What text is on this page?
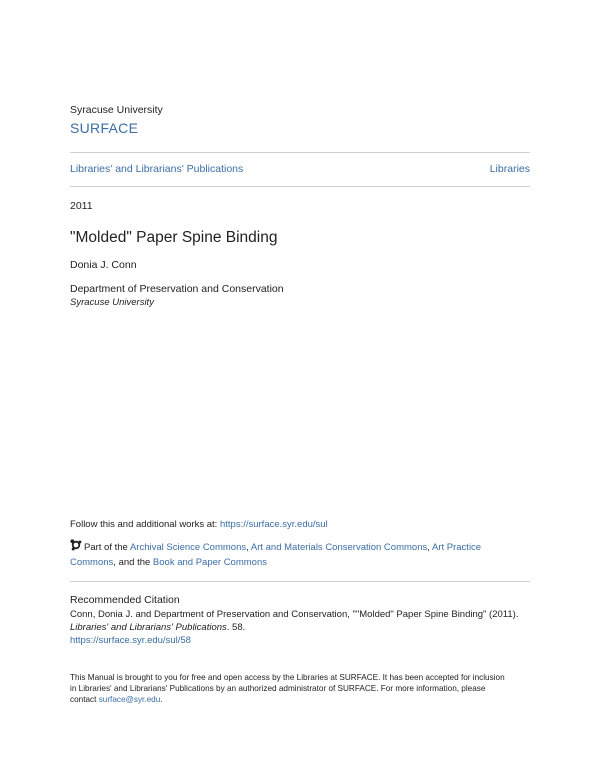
Syracuse University
SURFACE
Libraries' and Librarians' Publications	Libraries
2011
"Molded" Paper Spine Binding
Donia J. Conn
Department of Preservation and Conservation
Syracuse University
Follow this and additional works at: https://surface.syr.edu/sul
Part of the Archival Science Commons, Art and Materials Conservation Commons, Art Practice Commons, and the Book and Paper Commons
Recommended Citation
Conn, Donia J. and Department of Preservation and Conservation, ""Molded" Paper Spine Binding" (2011).
Libraries' and Librarians' Publications. 58.
https://surface.syr.edu/sul/58
This Manual is brought to you for free and open access by the Libraries at SURFACE. It has been accepted for inclusion in Libraries' and Librarians' Publications by an authorized administrator of SURFACE. For more information, please contact surface@syr.edu.
